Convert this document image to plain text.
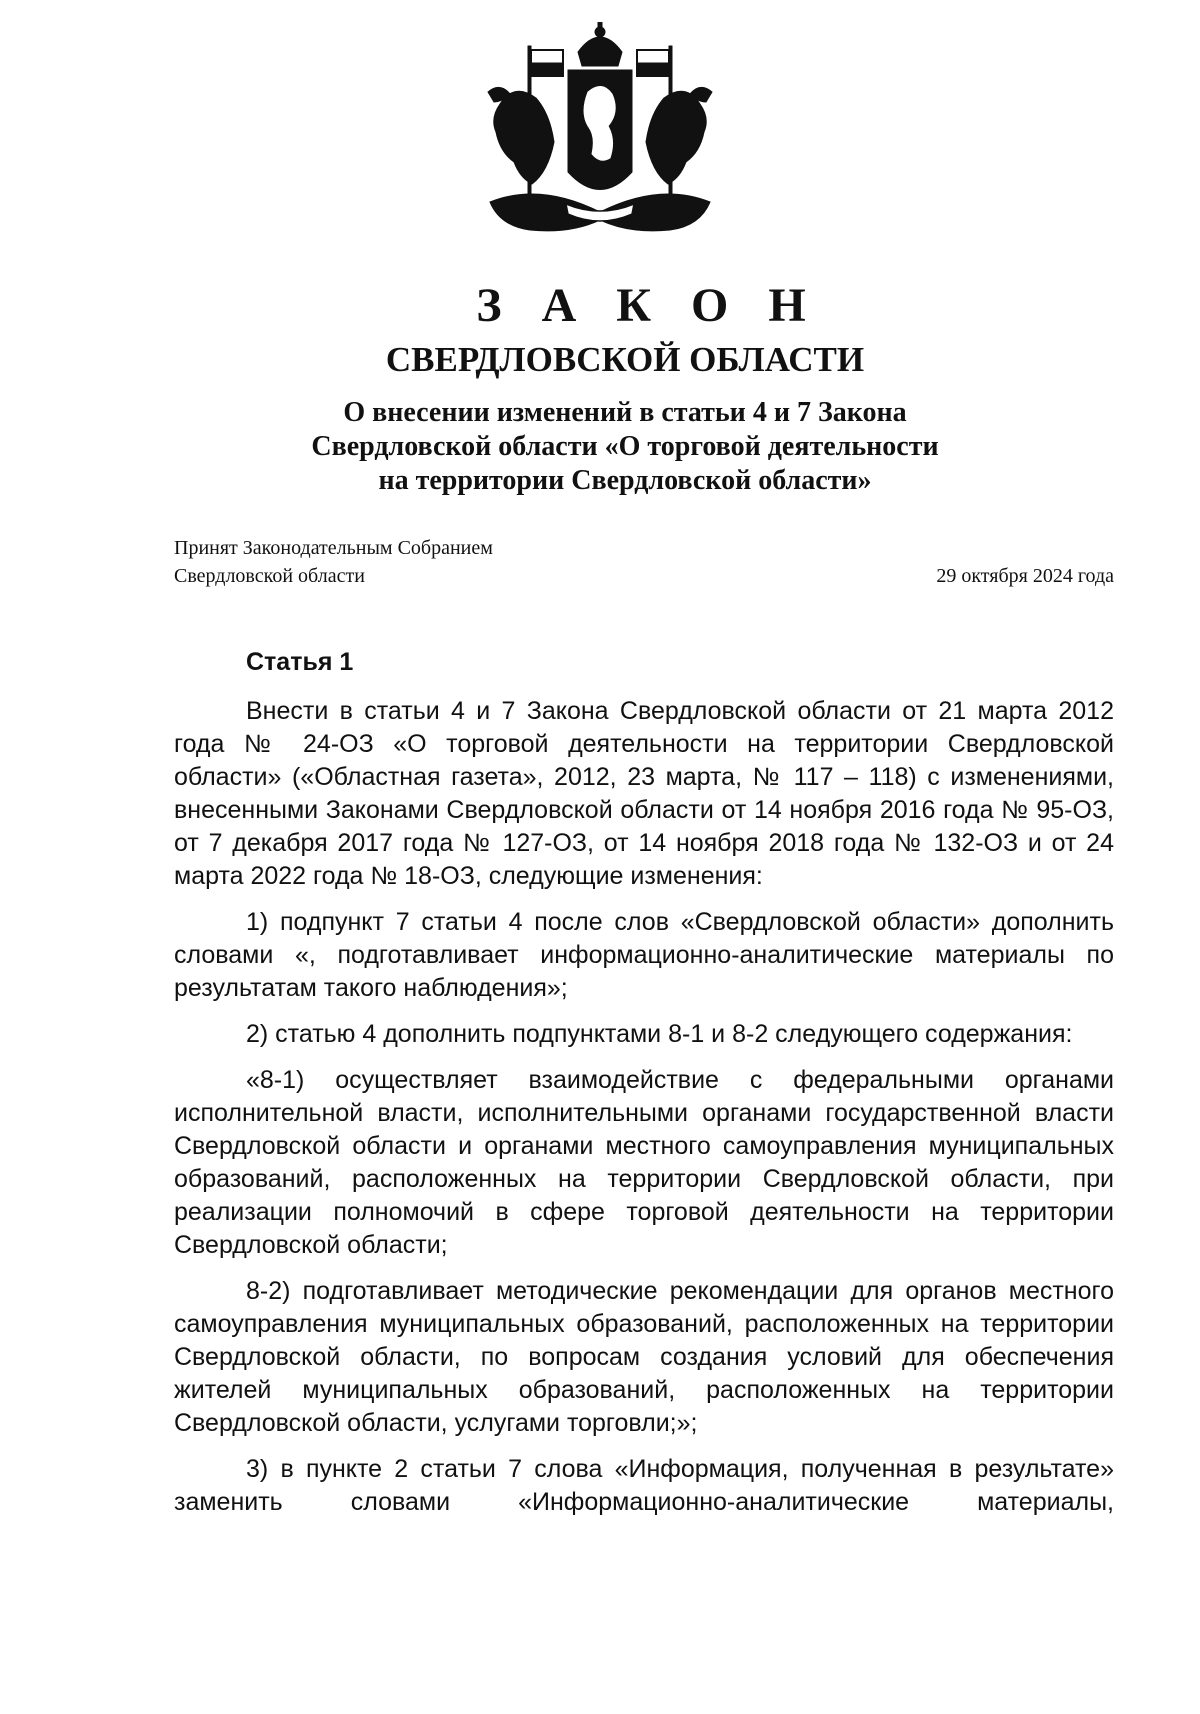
З А К О Н
СВЕРДЛОВСКОЙ ОБЛАСТИ
О внесении изменений в статьи 4 и 7 Закона
Свердловской области «О торговой деятельности
на территории Свердловской области»
Принят Законодательным Собранием
Свердловской области	29 октября 2024 года
Статья 1

Внести в статьи 4 и 7 Закона Свердловской области от 21 марта 2012 года № 24-ОЗ «О торговой деятельности на территории Свердловской области» («Областная газета», 2012, 23 марта, № 117 – 118) с изменениями, внесенными Законами Свердловской области от 14 ноября 2016 года № 95-ОЗ, от 7 декабря 2017 года № 127-ОЗ, от 14 ноября 2018 года № 132-ОЗ и от 24 марта 2022 года № 18-ОЗ, следующие изменения:

1) подпункт 7 статьи 4 после слов «Свердловской области» дополнить словами «, подготавливает информационно-аналитические материалы по результатам такого наблюдения»;

2) статью 4 дополнить подпунктами 8-1 и 8-2 следующего содержания:

«8-1) осуществляет взаимодействие с федеральными органами исполнительной власти, исполнительными органами государственной власти Свердловской области и органами местного самоуправления муниципальных образований, расположенных на территории Свердловской области, при реализации полномочий в сфере торговой деятельности на территории Свердловской области;

8-2) подготавливает методические рекомендации для органов местного самоуправления муниципальных образований, расположенных на территории Свердловской области, по вопросам создания условий для обеспечения жителей муниципальных образований, расположенных на территории Свердловской области, услугами торговли;»;

3) в пункте 2 статьи 7 слова «Информация, полученная в результате» заменить словами «Информационно-аналитические материалы,
